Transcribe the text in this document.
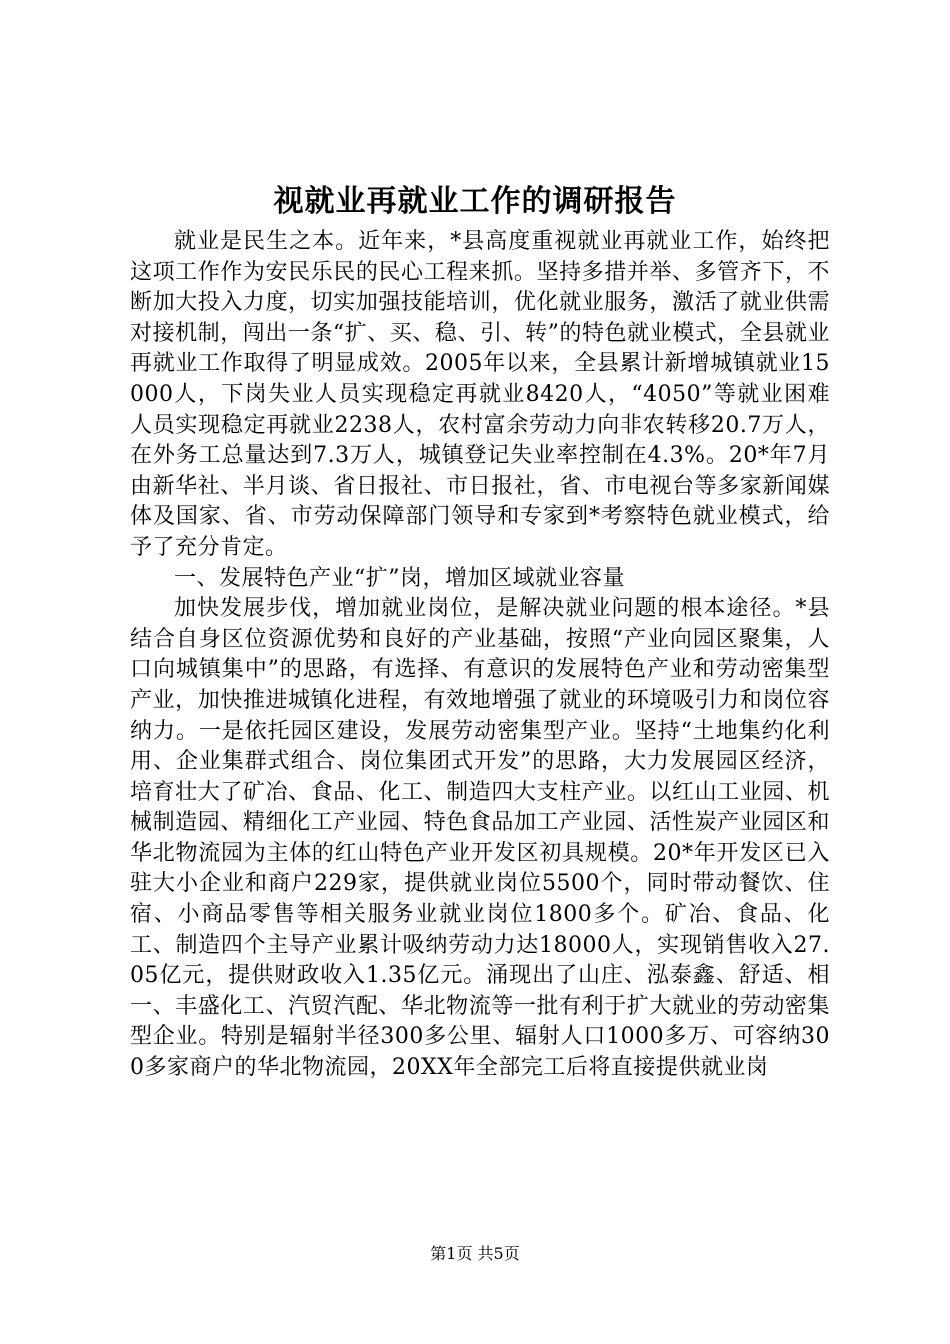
视就业再就业工作的调研报告

就业是民生之本。近年来，*县高度重视就业再就业工作，始终把这项工作作为安民乐民的民心工程来抓。坚持多措并举、多管齐下，不断加大投入力度，切实加强技能培训，优化就业服务，激活了就业供需对接机制，闯出一条“扩、买、稳、引、转”的特色就业模式，全县就业再就业工作取得了明显成效。2005年以来，全县累计新增城镇就业15000人，下岗失业人员实现稳定再就业8420人，“4050”等就业困难人员实现稳定再就业2238人，农村富余劳动力向非农转移20.7万人，在外务工总量达到7.3万人，城镇登记失业率控制在4.3%。20*年7月由新华社、半月谈、省日报社、市日报社，省、市电视台等多家新闻媒体及国家、省、市劳动保障部门领导和专家到*考察特色就业模式，给予了充分肯定。

一、发展特色产业“扩”岗，增加区域就业容量

加快发展步伐，增加就业岗位，是解决就业问题的根本途径。*县结合自身区位资源优势和良好的产业基础，按照“产业向园区聚集，人口向城镇集中”的思路，有选择、有意识的发展特色产业和劳动密集型产业，加快推进城镇化进程，有效地增强了就业的环境吸引力和岗位容纳力。一是依托园区建设，发展劳动密集型产业。坚持“土地集约化利用、企业集群式组合、岗位集团式开发”的思路，大力发展园区经济，培育壮大了矿冶、食品、化工、制造四大支柱产业。以红山工业园、机械制造园、精细化工产业园、特色食品加工产业园、活性炭产业园区和华北物流园为主体的红山特色产业开发区初具规模。20*年开发区已入驻大小企业和商户229家，提供就业岗位5500个，同时带动餐饮、住宿、小商品零售等相关服务业就业岗位1800多个。矿冶、食品、化工、制造四个主导产业累计吸纳劳动力达18000人，实现销售收入27.05亿元，提供财政收入1.35亿元。涌现出了山庄、泓泰鑫、舒适、相一、丰盛化工、汽贸汽配、华北物流等一批有利于扩大就业的劳动密集型企业。特别是辐射半径300多公里、辐射人口1000多万、可容纳300多家商户的华北物流园，20XX年全部完工后将直接提供就业岗

第1页 共5页
